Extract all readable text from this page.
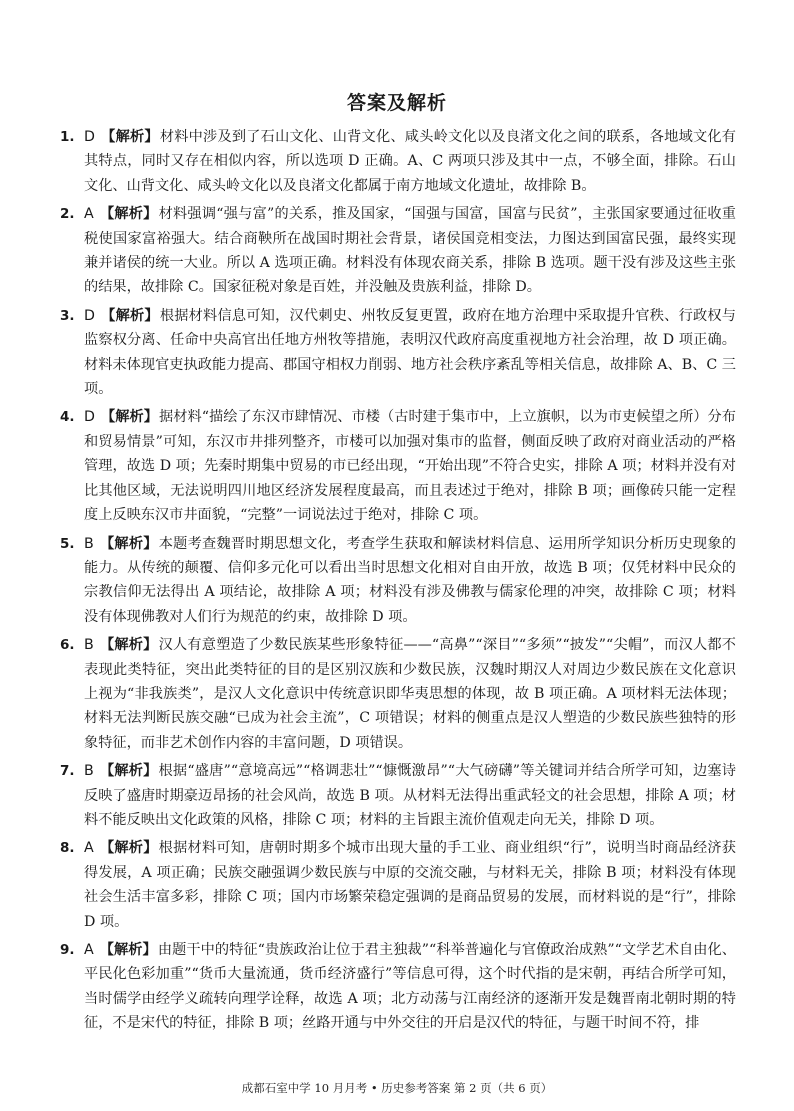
答案及解析
1. D 【解析】材料中涉及到了石山文化、山背文化、咸头岭文化以及良渚文化之间的联系，各地域文化有其特点，同时又存在相似内容，所以选项 D 正确。A、C 两项只涉及其中一点，不够全面，排除。石山文化、山背文化、咸头岭文化以及良渚文化都属于南方地域文化遗址，故排除 B。
2. A 【解析】材料强调“强与富”的关系，推及国家，“国强与国富，国富与民贫”，主张国家要通过征收重税使国家富裕强大。结合商鞅所在战国时期社会背景，诸侯国竞相变法，力图达到国富民强，最终实现兼并诸侯的统一大业。所以 A 选项正确。材料没有体现农商关系，排除 B 选项。题干没有涉及这些主张的结果，故排除 C。国家征税对象是百姓，并没触及贵族利益，排除 D。
3. D 【解析】根据材料信息可知，汉代刺史、州牧反复更置，政府在地方治理中采取提升官秩、行政权与监察权分离、任命中央高官出任地方州牧等措施，表明汉代政府高度重视地方社会治理，故 D 项正确。材料未体现官吏执政能力提高、郡国守相权力削弱、地方社会秩序紊乱等相关信息，故排除 A、B、C 三项。
4. D 【解析】据材料“描绘了东汉市肆情况、市楼（古时建于集市中，上立旗帜，以为市吏候望之所）分布和贸易情景”可知，东汉市井排列整齐，市楼可以加强对集市的监督，侧面反映了政府对商业活动的严格管理，故选 D 项；先秦时期集中贸易的市已经出现，“开始出现”不符合史实，排除 A 项；材料并没有对比其他区域，无法说明四川地区经济发展程度最高，而且表述过于绝对，排除 B 项；画像砖只能一定程度上反映东汉市井面貌，“完整”一词说法过于绝对，排除 C 项。
5. B 【解析】本题考查魏晋时期思想文化，考查学生获取和解读材料信息、运用所学知识分析历史现象的能力。从传统的颠覆、信仰多元化可以看出当时思想文化相对自由开放，故选 B 项；仅凭材料中民众的宗教信仰无法得出 A 项结论，故排除 A 项；材料没有涉及佛教与儒家伦理的冲突，故排除 C 项；材料没有体现佛教对人们行为规范的约束，故排除 D 项。
6. B 【解析】汉人有意塑造了少数民族某些形象特征——“高鼻”“深目”“多须”“披发”“尖帽”，而汉人都不表现此类特征，突出此类特征的目的是区别汉族和少数民族，汉魏时期汉人对周边少数民族在文化意识上视为“非我族类”，是汉人文化意识中传统意识即华夷思想的体现，故 B 项正确。A 项材料无法体现；材料无法判断民族交融“已成为社会主流”，C 项错误；材料的侧重点是汉人塑造的少数民族些独特的形象特征，而非艺术创作内容的丰富问题，D 项错误。
7. B 【解析】根据“盛唐”“意境高远”“格调悲壮”“慷慨激昂”“大气磅礴”等关键词并结合所学可知，边塞诗反映了盛唐时期豪迈昂扬的社会风尚，故选 B 项。从材料无法得出重武轻文的社会思想，排除 A 项；材料不能反映出文化政策的风格，排除 C 项；材料的主旨跟主流价值观走向无关，排除 D 项。
8. A 【解析】根据材料可知，唐朝时期多个城市出现大量的手工业、商业组织“行”，说明当时商品经济获得发展，A 项正确；民族交融强调少数民族与中原的交流交融，与材料无关，排除 B 项；材料没有体现社会生活丰富多彩，排除 C 项；国内市场繁荣稳定强调的是商品贸易的发展，而材料说的是“行”，排除 D 项。
9. A 【解析】由题干中的特征“贵族政治让位于君主独裁”“科举普遍化与官僚政治成熟”“文学艺术自由化、平民化色彩加重”“货币大量流通，货币经济盛行”等信息可得，这个时代指的是宋朝，再结合所学可知，当时儒学由经学义疏转向理学诠释，故选 A 项；北方动荡与江南经济的逐渐开发是魏晋南北朝时期的特征，不是宋代的特征，排除 B 项；丝路开通与中外交往的开启是汉代的特征，与题干时间不符，排
成都石室中学 10 月月考 • 历史参考答案 第 2 页（共 6 页）
